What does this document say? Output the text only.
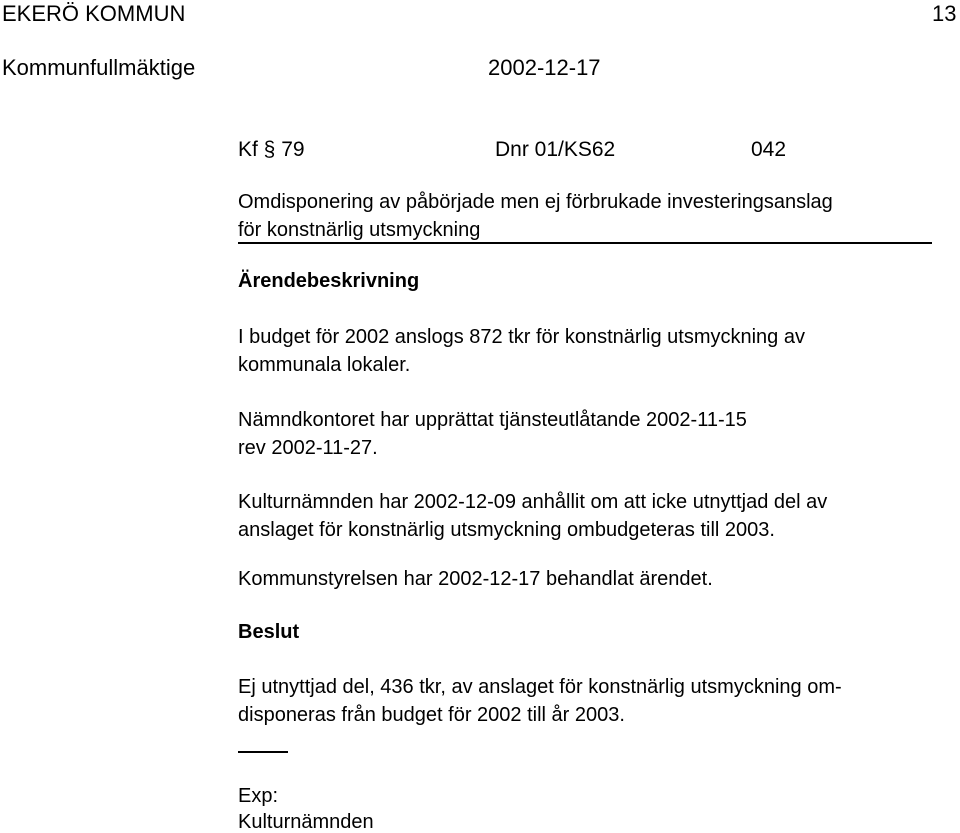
EKERÖ KOMMUN	13
Kommunfullmäktige	2002-12-17
Kf § 79	Dnr 01/KS62	042
Omdisponering av påbörjade men ej förbrukade investeringsanslag
för konstnärlig utsmyckning
Ärendebeskrivning
I budget för 2002 anslogs 872 tkr för konstnärlig utsmyckning av
kommunala lokaler.
Nämndkontoret har upprättat tjänsteutlåtande 2002-11-15
rev 2002-11-27.
Kulturnämnden har 2002-12-09 anhållit om att icke utnyttjad del av
anslaget för konstnärlig utsmyckning ombudgeteras till 2003.
Kommunstyrelsen har 2002-12-17 behandlat ärendet.
Beslut
Ej utnyttjad del, 436 tkr, av anslaget för konstnärlig utsmyckning om-
disponeras från budget för 2002 till år 2003.
Exp:
Kulturnämnden
